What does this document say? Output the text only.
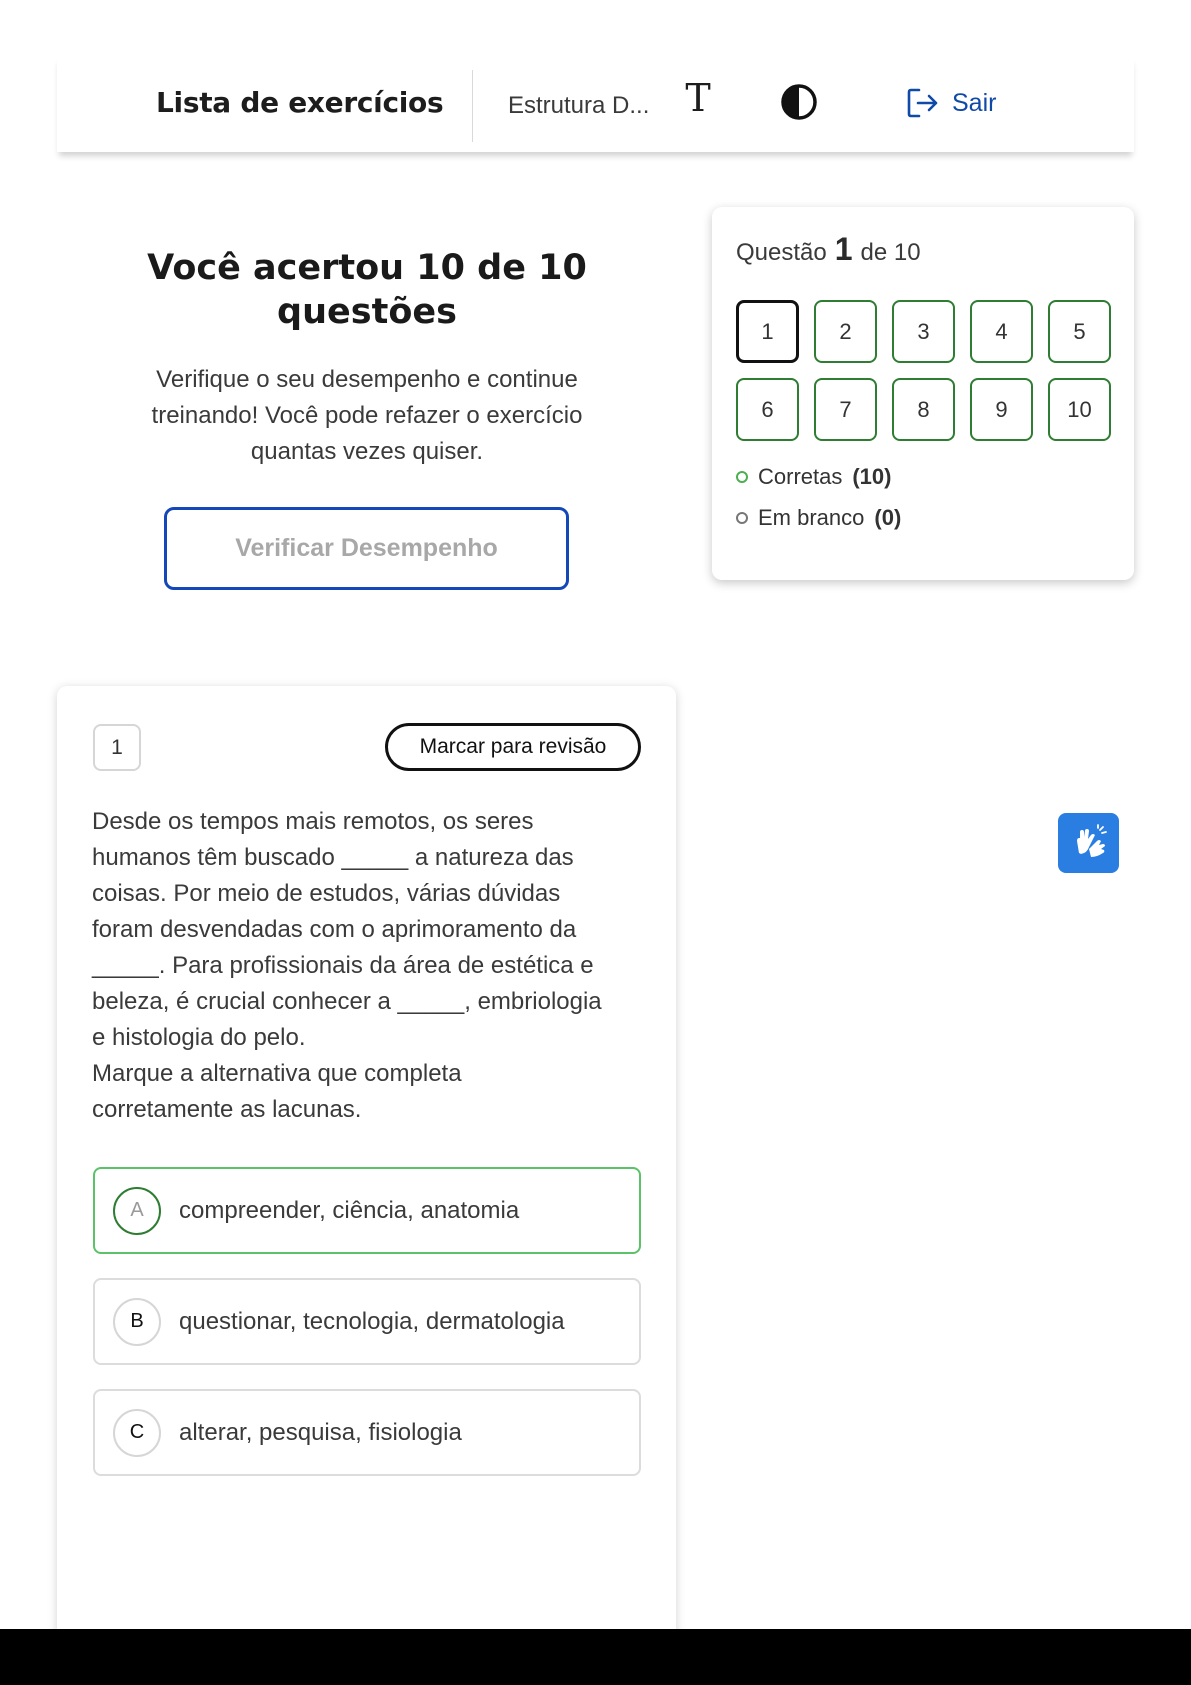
Lista de exercícios	Estrutura D... T	Sair
Você acertou 10 de 10 questões
Verifique o seu desempenho e continue treinando! Você pode refazer o exercício quantas vezes quiser.
Verificar Desempenho
Questão 1 de 10
1	2	3	4	5
6	7	8	9	10
Corretas (10)
Em branco (0)
1	Marcar para revisão
Desde os tempos mais remotos, os seres
humanos têm buscado _____ a natureza das
coisas. Por meio de estudos, várias dúvidas
foram desvendadas com o aprimoramento da
_____. Para profissionais da área de estética e
beleza, é crucial conhecer a _____, embriologia
e histologia do pelo.
Marque a alternativa que completa
corretamente as lacunas.
A	compreender, ciência, anatomia
B	questionar, tecnologia, dermatologia
C	alterar, pesquisa, fisiologia
